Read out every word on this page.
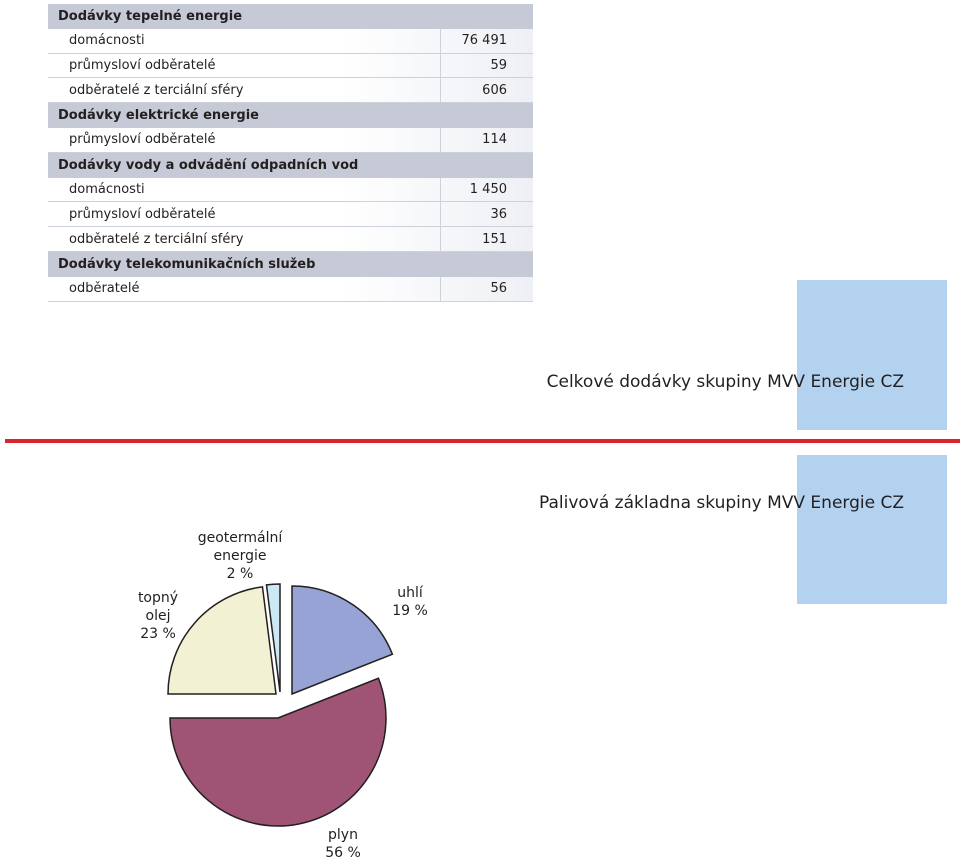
Dodávky tepelné energie
domácnosti	76 491
průmysloví odběratelé	59
odběratelé z terciální sféry	606
Dodávky elektrické energie
průmysloví odběratelé	114
Dodávky vody a odvádění odpadních vod
domácnosti	1 450
průmysloví odběratelé	36
odběratelé z terciální sféry	151
Dodávky telekomunikačních služeb
odběratelé	56
Celkové dodávky skupiny MVV Energie CZ
Palivová základna skupiny MVV Energie CZ
uhlí
19 %
plyn
56 %
topný
olej
23 %
geotermální
energie
2 %
